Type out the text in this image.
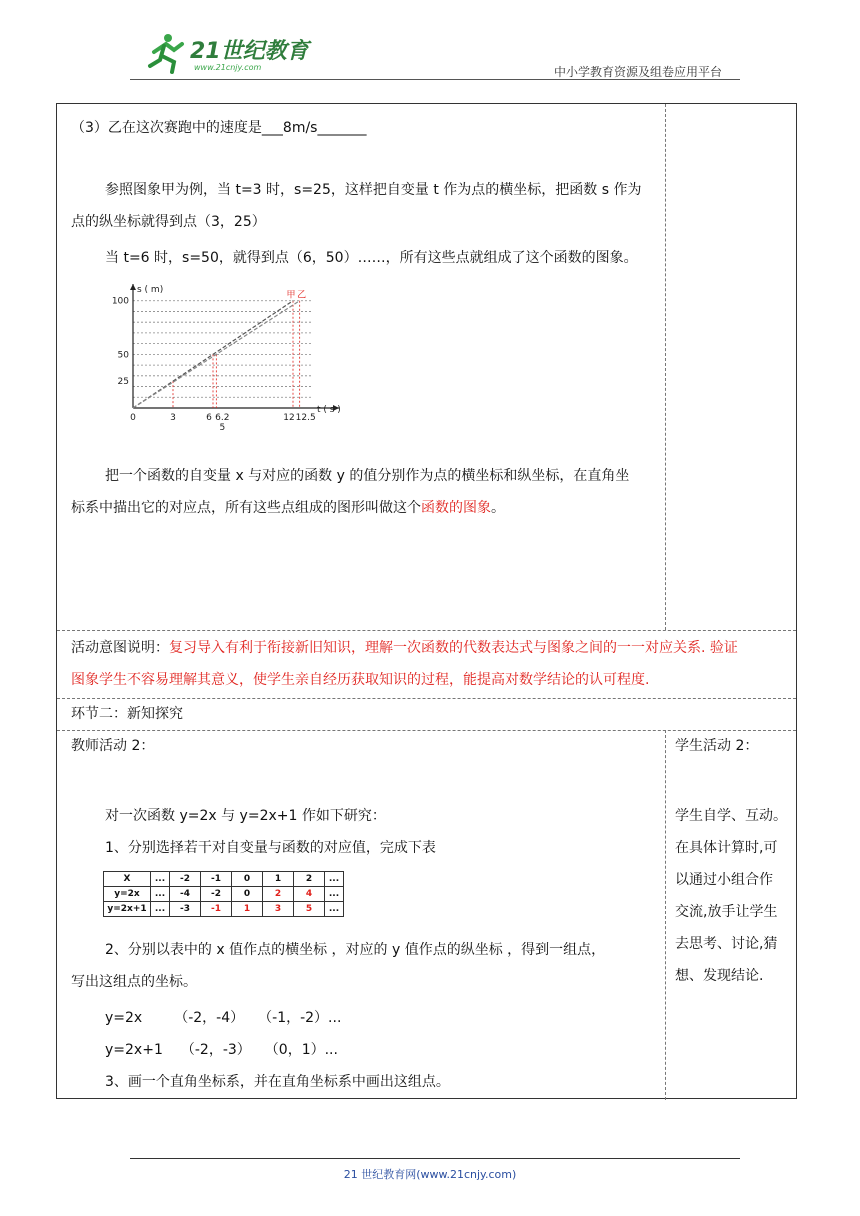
21世纪教育
www.21cnjy.com	中小学教育资源及组卷应用平台
（3）乙在这次赛跑中的速度是___8m/s_______
参照图象甲为例，当 t=3 时，s=25，这样把自变量 t 作为点的横坐标，把函数 s 作为
点的纵坐标就得到点（3，25）
当 t=6 时，s=50，就得到点（6，50）……，所有这些点就组成了这个函数的图象。
s ( m)
t ( s )
100
50
25
0	3	6 6.2
5
12 12.5
甲 乙
把一个函数的自变量 x 与对应的函数 y 的值分别作为点的横坐标和纵坐标，在直角坐
标系中描出它的对应点，所有这些点组成的图形叫做这个函数的图象。
活动意图说明：复习导入有利于衔接新旧知识，理解一次函数的代数表达式与图象之间的一一对应关系. 验证
图象学生不容易理解其意义，使学生亲自经历获取知识的过程，能提高对数学结论的认可程度.
环节二：新知探究
教师活动 2：
对一次函数 y=2x 与 y=2x+1 作如下研究：
1、分别选择若干对自变量与函数的对应值，完成下表
X	...	-2	-1	0	1	2	...
y=2x	...	-4	-2	0	2	4	...
y=2x+1	...	-3	-1	1	3	5	...
2、分别以表中的 x 值作点的横坐标 ，对应的 y 值作点的纵坐标 ，得到一组点，
写出这组点的坐标。
y=2x （-2，-4） （-1，-2）...
y=2x+1 （-2，-3） （0，1）...
3、画一个直角坐标系，并在直角坐标系中画出这组点。
学生活动 2：
学生自学、互动。
在具体计算时,可
以通过小组合作
交流,放手让学生
去思考、讨论,猜
想、发现结论.
21 世纪教育网(www.21cnjy.com)
